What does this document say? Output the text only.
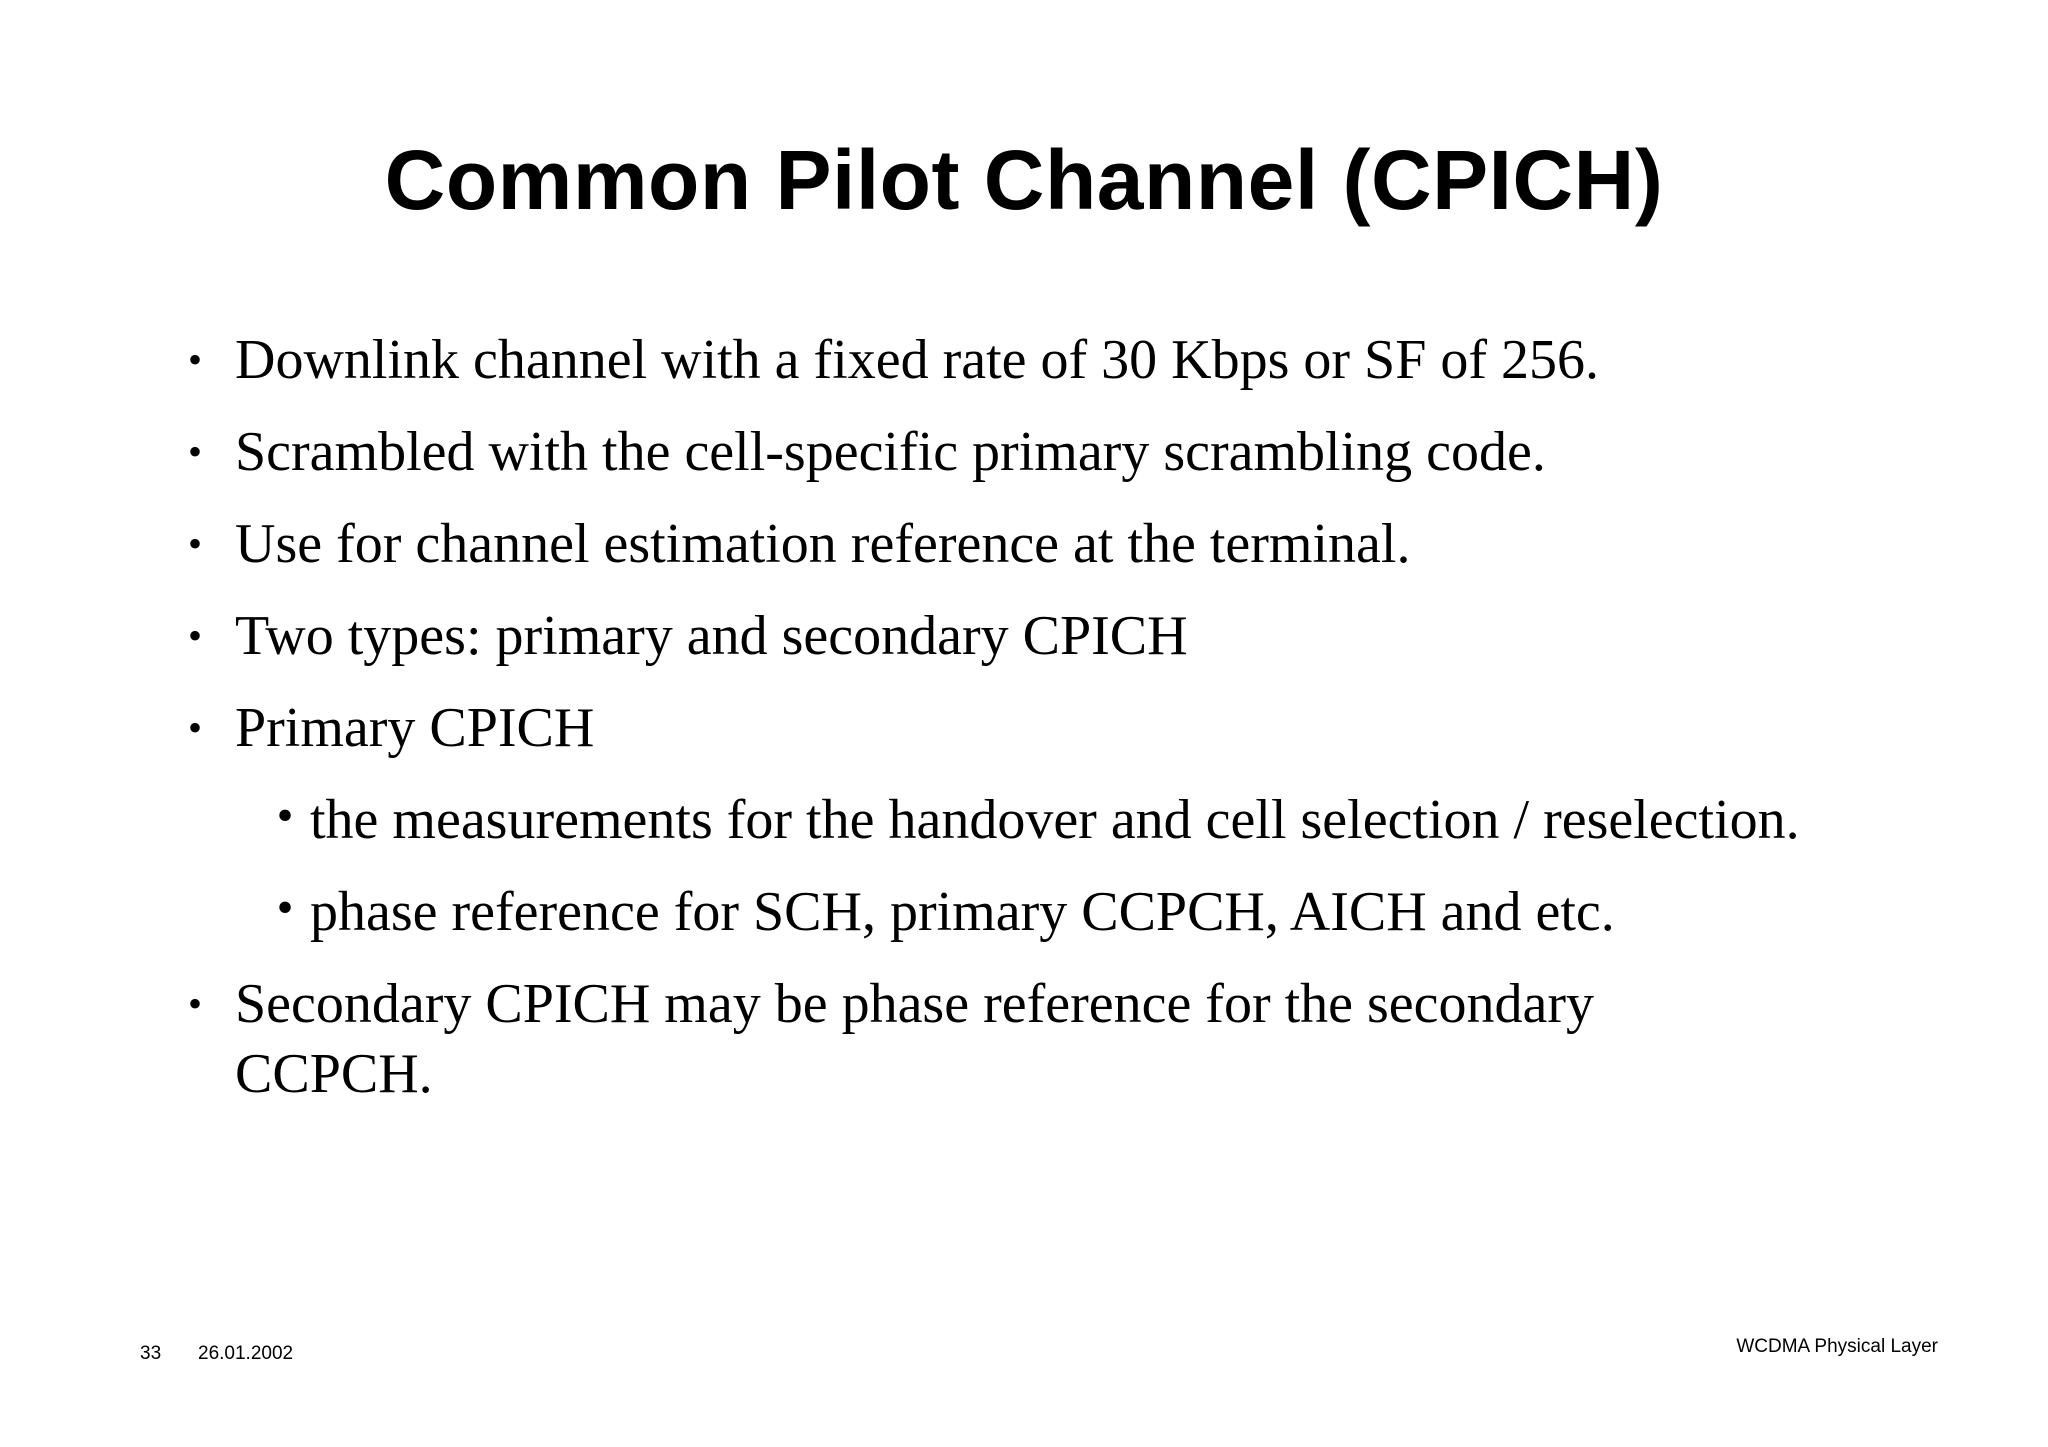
Common Pilot Channel (CPICH)
• Downlink channel with a fixed rate of 30 Kbps or SF of 256.
• Scrambled with the cell-specific primary scrambling code.
• Use for channel estimation reference at the terminal.
• Two types: primary and secondary CPICH
• Primary CPICH
• the measurements for the handover and cell selection / reselection.
• phase reference for SCH, primary CCPCH, AICH and etc.
• Secondary CPICH may be phase reference for the secondary CCPCH.
33 26.01.2002	WCDMA Physical Layer
